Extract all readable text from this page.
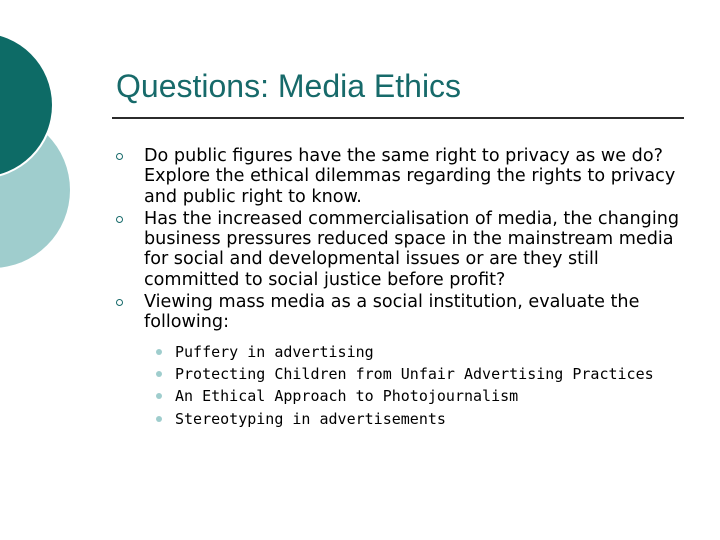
Questions: Media Ethics
Do public figures have the same right to privacy as we do? Explore the ethical dilemmas regarding the rights to privacy and public right to know.
Has the increased commercialisation of media, the changing business pressures reduced space in the mainstream media for social and developmental issues or are they still committed to social justice before profit?
Viewing mass media as a social institution, evaluate the following:
Puffery in advertising
Protecting Children from Unfair Advertising Practices
An Ethical Approach to Photojournalism
Stereotyping in advertisements
